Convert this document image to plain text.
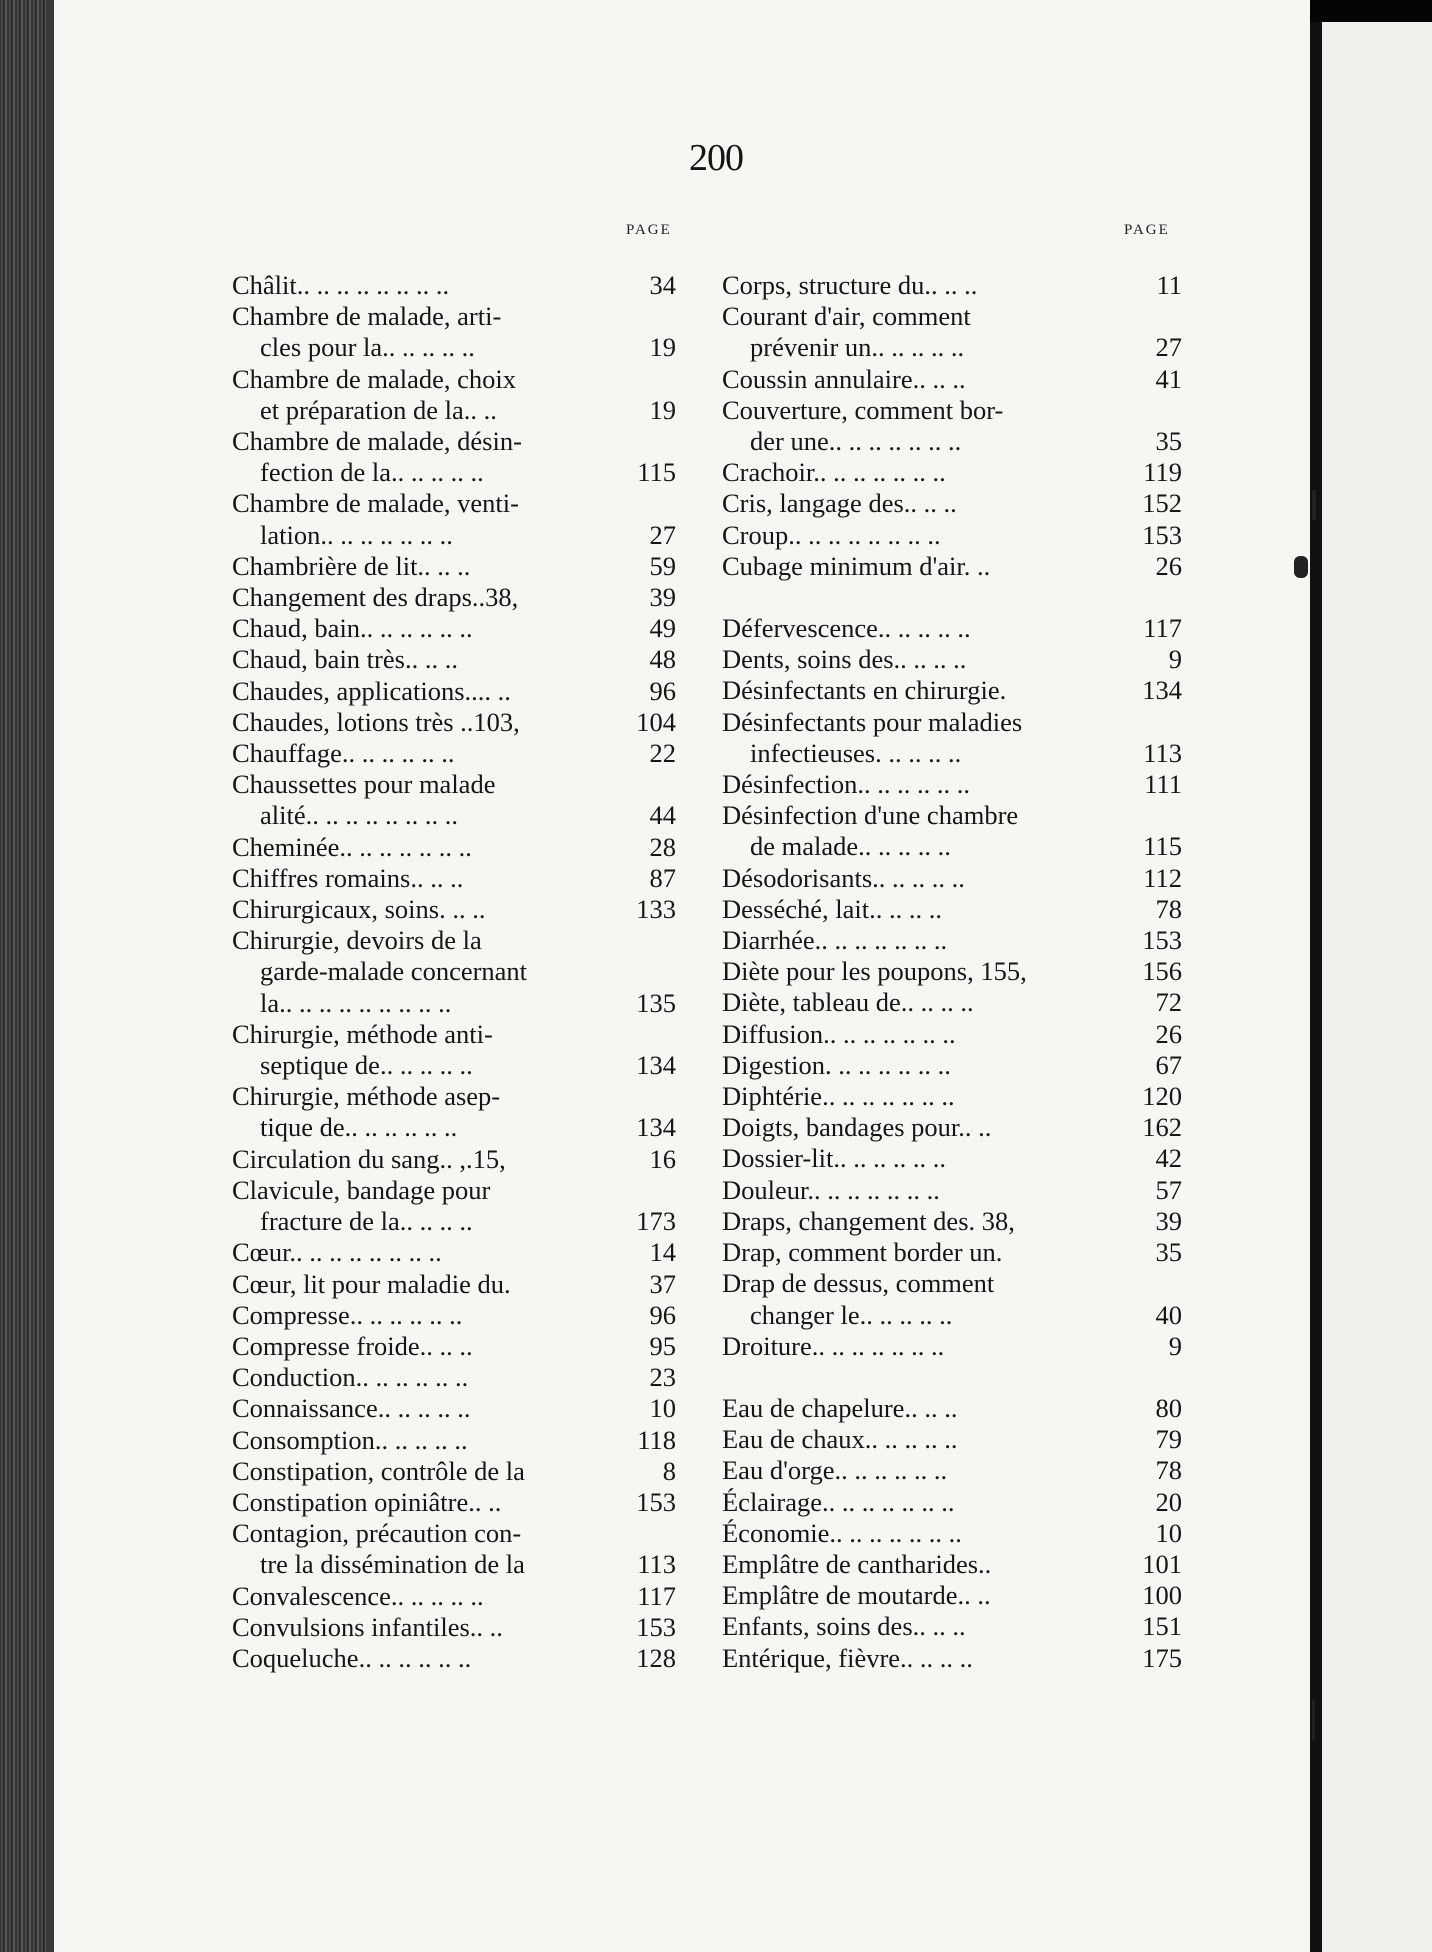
200
PAGE	PAGE
Châlit.. .. .. .. .. .. .. ..	34
Chambre de malade, arti-
cles pour la.. .. .. .. ..	19
Chambre de malade, choix
et préparation de la.. ..	19
Chambre de malade, désin-
fection de la.. .. .. .. ..	115
Chambre de malade, venti-
lation.. .. .. .. .. .. ..	27
Chambrière de lit.. .. ..	59
Changement des draps..38,	39
Chaud, bain.. .. .. .. .. ..	49
Chaud, bain très.. .. ..	48
Chaudes, applications.... ..	96
Chaudes, lotions très ..103,	104
Chauffage.. .. .. .. .. ..	22
Chaussettes pour malade
alité.. .. .. .. .. .. .. ..	44
Cheminée.. .. .. .. .. .. ..	28
Chiffres romains.. .. ..	87
Chirurgicaux, soins. .. ..	133
Chirurgie, devoirs de la
garde-malade concernant
la.. .. .. .. .. .. .. .. ..	135
Chirurgie, méthode anti-
septique de.. .. .. .. ..	134
Chirurgie, méthode asep-
tique de.. .. .. .. .. ..	134
Circulation du sang.. ,.15,	16
Clavicule, bandage pour
fracture de la.. .. .. ..	173
Cœur.. .. .. .. .. .. .. ..	14
Cœur, lit pour maladie du.	37
Compresse.. .. .. .. .. ..	96
Compresse froide.. .. ..	95
Conduction.. .. .. .. .. ..	23
Connaissance.. .. .. .. ..	10
Consomption.. .. .. .. ..	118
Constipation, contrôle de la	8
Constipation opiniâtre.. ..	153
Contagion, précaution con-
tre la dissémination de la	113
Convalescence.. .. .. .. ..	117
Convulsions infantiles.. ..	153
Coqueluche.. .. .. .. .. ..	128
Corps, structure du.. .. ..	11
Courant d'air, comment
prévenir un.. .. .. .. ..	27
Coussin annulaire.. .. ..	41
Couverture, comment bor-
der une.. .. .. .. .. .. ..	35
Crachoir.. .. .. .. .. .. ..	119
Cris, langage des.. .. ..	152
Croup.. .. .. .. .. .. .. ..	153
Cubage minimum d'air. ..	26
Défervescence.. .. .. .. ..	117
Dents, soins des.. .. .. ..	9
Désinfectants en chirurgie.	134
Désinfectants pour maladies
infectieuses. .. .. .. ..	113
Désinfection.. .. .. .. .. ..	111
Désinfection d'une chambre
de malade.. .. .. .. ..	115
Désodorisants.. .. .. .. ..	112
Desséché, lait.. .. .. ..	78
Diarrhée.. .. .. .. .. .. ..	153
Diète pour les poupons, 155,	156
Diète, tableau de.. .. .. ..	72
Diffusion.. .. .. .. .. .. ..	26
Digestion. .. .. .. .. .. ..	67
Diphtérie.. .. .. .. .. .. ..	120
Doigts, bandages pour.. ..	162
Dossier-lit.. .. .. .. .. ..	42
Douleur.. .. .. .. .. .. ..	57
Draps, changement des. 38,	39
Drap, comment border un.	35
Drap de dessus, comment
changer le.. .. .. .. ..	40
Droiture.. .. .. .. .. .. ..	9
Eau de chapelure.. .. ..	80
Eau de chaux.. .. .. .. ..	79
Eau d'orge.. .. .. .. .. ..	78
Éclairage.. .. .. .. .. .. ..	20
Économie.. .. .. .. .. .. ..	10
Emplâtre de cantharides..	101
Emplâtre de moutarde.. ..	100
Enfants, soins des.. .. ..	151
Entérique, fièvre.. .. .. ..	175
